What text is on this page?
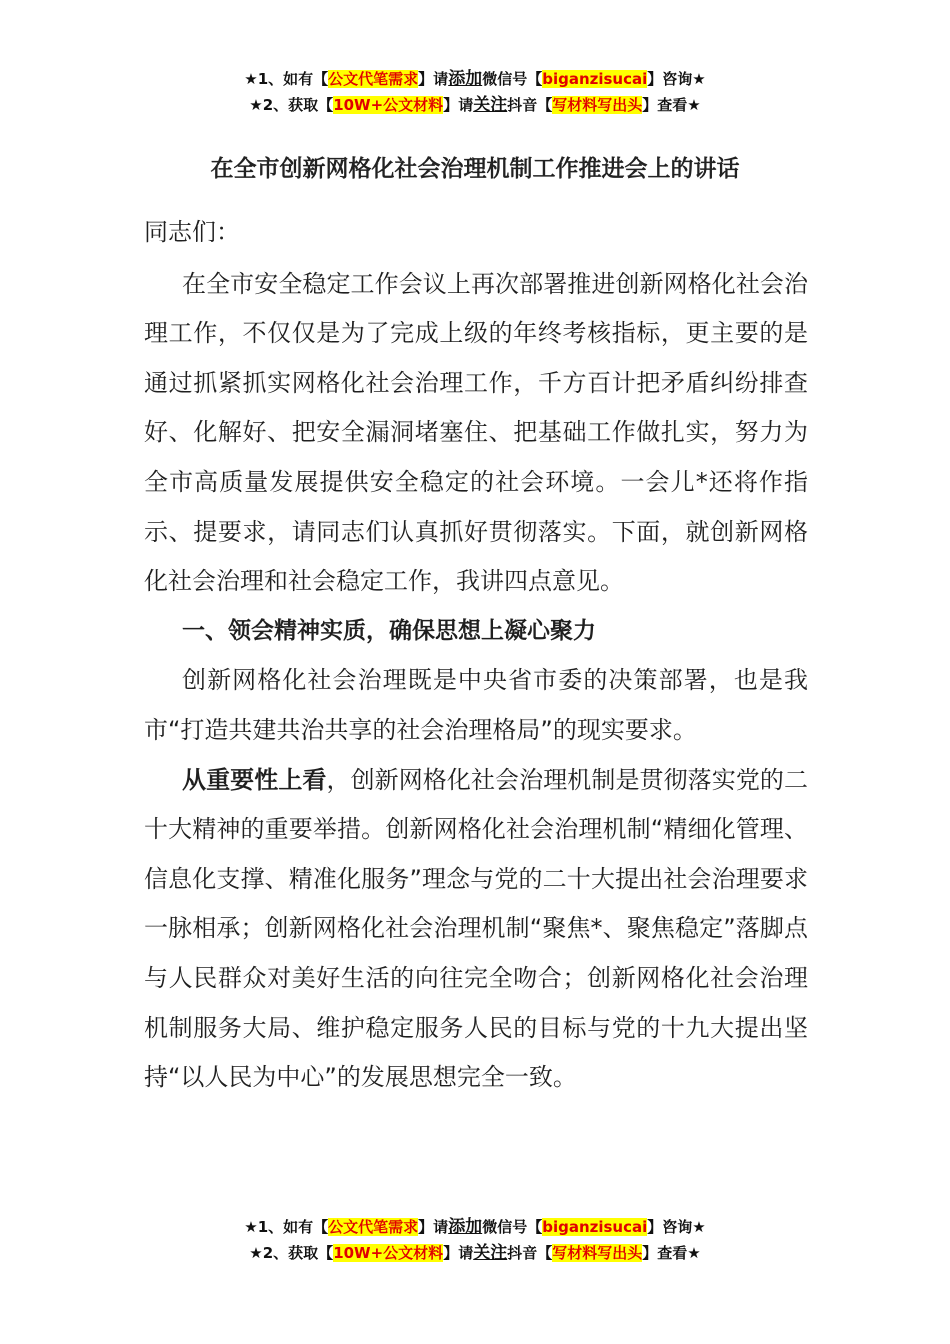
★1、如有【公文代笔需求】请添加微信号【biganzisucai】咨询★
★2、获取【10W+公文材料】请关注抖音【写材料写出头】查看★
在全市创新网格化社会治理机制工作推进会上的讲话

同志们：

在全市安全稳定工作会议上再次部署推进创新网格化社会治理工作，不仅仅是为了完成上级的年终考核指标，更主要的是通过抓紧抓实网格化社会治理工作，千方百计把矛盾纠纷排查好、化解好、把安全漏洞堵塞住、把基础工作做扎实，努力为全市高质量发展提供安全稳定的社会环境。一会儿*还将作指示、提要求，请同志们认真抓好贯彻落实。下面，就创新网格化社会治理和社会稳定工作，我讲四点意见。

一、领会精神实质，确保思想上凝心聚力

创新网格化社会治理既是中央省市委的决策部署，也是我市“打造共建共治共享的社会治理格局”的现实要求。

从重要性上看，创新网格化社会治理机制是贯彻落实党的二十大精神的重要举措。创新网格化社会治理机制“精细化管理、信息化支撑、精准化服务”理念与党的二十大提出社会治理要求一脉相承；创新网格化社会治理机制“聚焦*、聚焦稳定”落脚点与人民群众对美好生活的向往完全吻合；创新网格化社会治理机制服务大局、维护稳定服务人民的目标与党的十九大提出坚持“以人民为中心”的发展思想完全一致。

★1、如有【公文代笔需求】请添加微信号【biganzisucai】咨询★
★2、获取【10W+公文材料】请关注抖音【写材料写出头】查看★
